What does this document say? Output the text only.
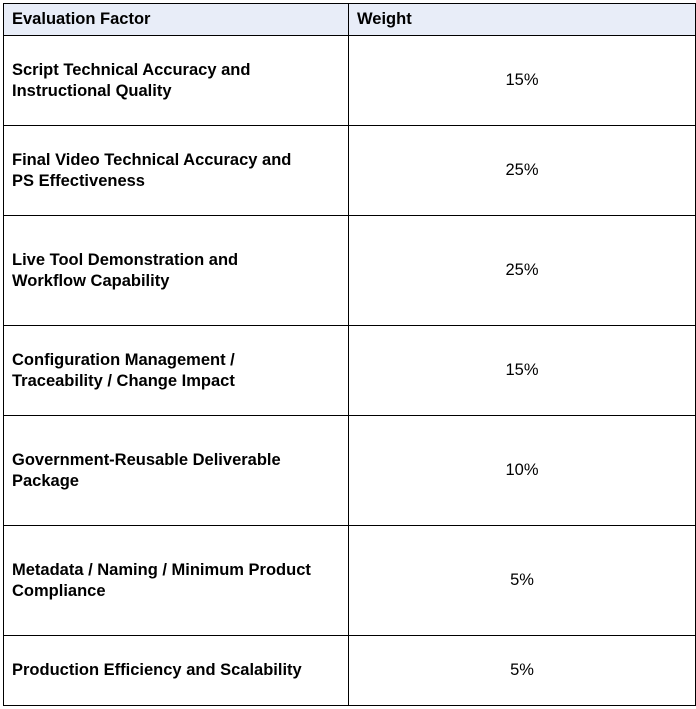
Evaluation Factor	Weight
Script Technical Accuracy and
Instructional Quality	15%
Final Video Technical Accuracy and
PS Effectiveness	25%
Live Tool Demonstration and
Workflow Capability	25%
Configuration Management /
Traceability / Change Impact	15%
Government-Reusable Deliverable
Package	10%
Metadata / Naming / Minimum Product
Compliance	5%
Production Efficiency and Scalability	5%
